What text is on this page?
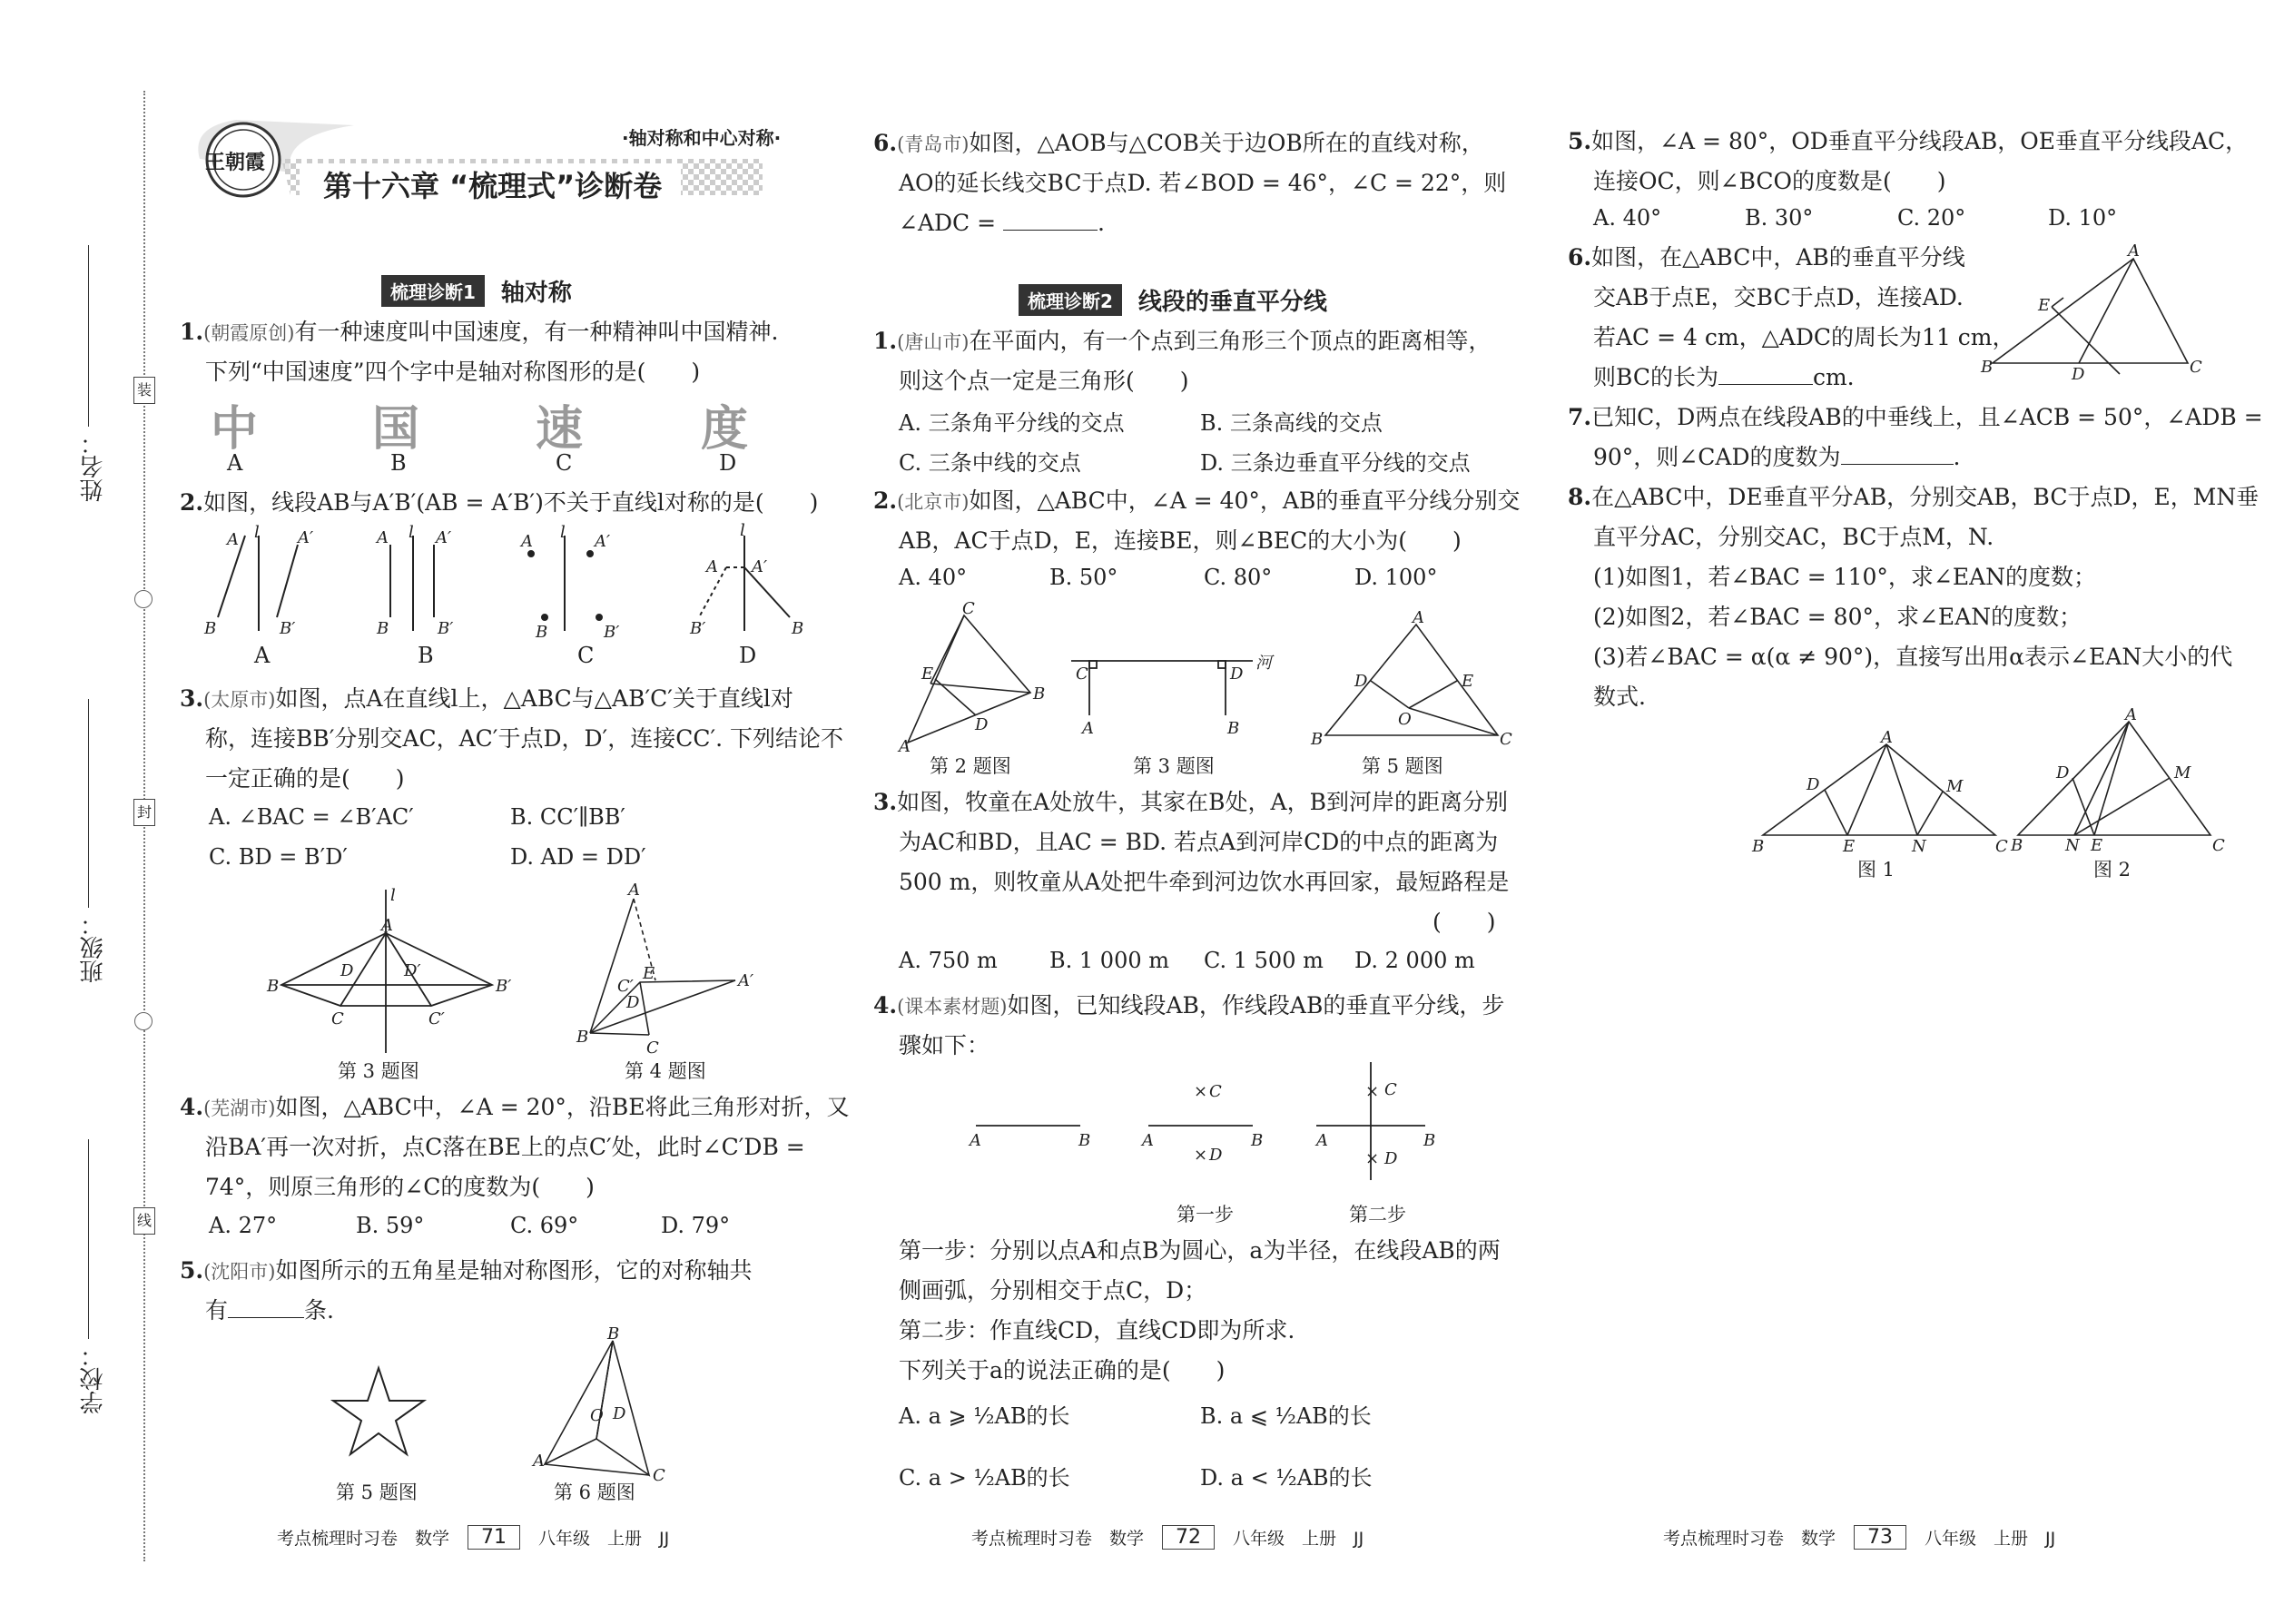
装
封
线
姓名：
班级：
学校：
王朝霞
·轴对称和中心对称·
第十六章 “梳理式”诊断卷
梳理诊断1	轴对称
1.(朝霞原创)有一种速度叫中国速度，有一种精神叫中国精神.
下列“中国速度”四个字中是轴对称图形的是(　　)
中 国 速 度
A	B	C	D
2.如图，线段AB与A′B′(AB = A′B′)不关于直线l对称的是(　　)
A l A′
B	B′
A l A′
B	B′
A l A′
B	B′
A A′
l
B′	B
A	B	C	D
3.(太原市)如图，点A在直线l上，△ABC与△AB′C′关于直线l对
称，连接BB′分别交AC，AC′于点D，D′，连接CC′. 下列结论不
一定正确的是(　　)
A. ∠BAC = ∠B′AC′	B. CC′∥BB′
C. BD = B′D′	D. AD = DD′
A
l
B	B′
D	D′
C	C′
A
E
C′	A′
D
B
C
第 3 题图	第 4 题图
4.(芜湖市)如图，△ABC中，∠A = 20°，沿BE将此三角形对折，又
沿BA′再一次对折，点C落在BE上的点C′处，此时∠C′DB =
74°，则原三角形的∠C的度数为(　　)
A. 27°	B. 59°	C. 69°	D. 79°
5.(沈阳市)如图所示的五角星是轴对称图形，它的对称轴共
有	条.
B
O D
A
C
第 5 题图	第 6 题图
考点梳理时习卷　数学	71	八年级　上册　JJ
6.(青岛市)如图，△AOB与△COB关于边OB所在的直线对称，
AO的延长线交BC于点D. 若∠BOD = 46°，∠C = 22°，则
∠ADC =	.
梳理诊断2	线段的垂直平分线
1.(唐山市)在平面内，有一个点到三角形三个顶点的距离相等，
则这个点一定是三角形(　　)
A. 三条角平分线的交点	B. 三条高线的交点
C. 三条中线的交点	D. 三条边垂直平分线的交点
2.(北京市)如图，△ABC中，∠A = 40°，AB的垂直平分线分别交
AB，AC于点D，E，连接BE，则∠BEC的大小为(　　)
A. 40°	B. 50°	C. 80°	D. 100°
C
E
B
D
A
C	D
河
A	B
A
D	E
O
B	C
第 2 题图	第 3 题图	第 5 题图
3.如图，牧童在A处放牛，其家在B处，A，B到河岸的距离分别
为AC和BD，且AC = BD. 若点A到河岸CD的中点的距离为
500 m，则牧童从A处把牛牵到河边饮水再回家，最短路程是
(　　)
A. 750 m B. 1 000 m C. 1 500 m D. 2 000 m
4.(课本素材题)如图，已知线段AB，作线段AB的垂直平分线，步
骤如下：
A	B	A	B
× C
× D
A	B
× C
× D
第一步	第二步
第一步：分别以点A和点B为圆心，a为半径，在线段AB的两
侧画弧，分别相交于点C，D；
第二步：作直线CD，直线CD即为所求.
下列关于a的说法正确的是(　　)
A. a ⩾ ½AB的长	B. a ⩽ ½AB的长
C. a > ½AB的长	D. a < ½AB的长
考点梳理时习卷　数学	72	八年级　上册　JJ
5.如图，∠A = 80°，OD垂直平分线段AB，OE垂直平分线段AC，
连接OC，则∠BCO的度数是(　　)
A. 40°	B. 30°	C. 20°	D. 10°
6.如图，在△ABC中，AB的垂直平分线
交AB于点E，交BC于点D，连接AD.
若AC = 4 cm，△ADC的周长为11 cm，
则BC的长为	cm.
A
E
B	D	C
7.已知C，D两点在线段AB的中垂线上，且∠ACB = 50°，∠ADB =
90°，则∠CAD的度数为	.
8.在△ABC中，DE垂直平分AB，分别交AB，BC于点D，E，MN垂
直平分AC，分别交AC，BC于点M，N.
(1)如图1，若∠BAC = 110°，求∠EAN的度数；
(2)如图2，若∠BAC = 80°，求∠EAN的度数；
(3)若∠BAC = α(α ≠ 90°)，直接写出用α表示∠EAN大小的代
数式.
A
D	M
B	E	N	C
A
D	M
B	N E	C
图 1	图 2
考点梳理时习卷　数学	73	八年级　上册　JJ
